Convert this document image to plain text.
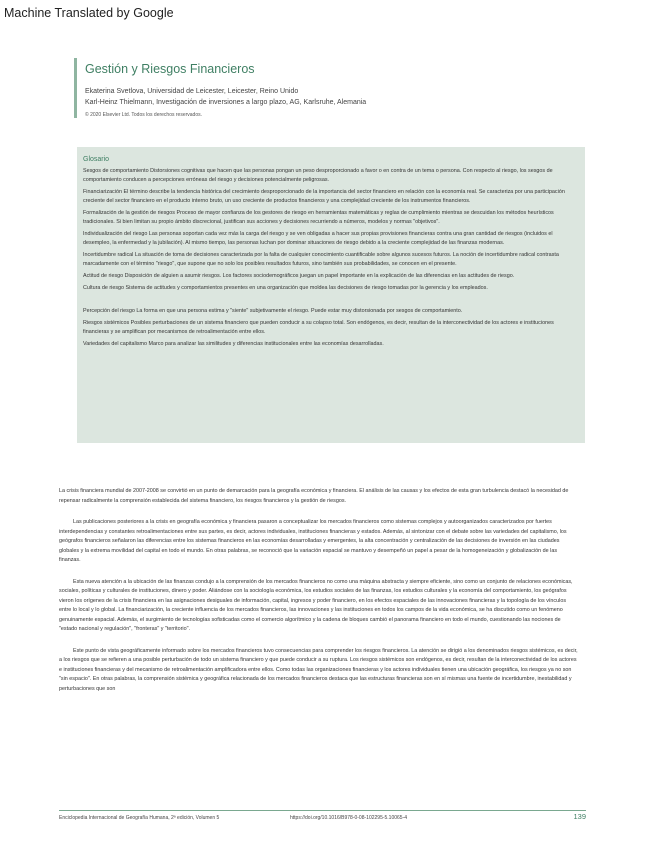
Machine Translated by Google
Gestión y Riesgos Financieros
Ekaterina Svetlova, Universidad de Leicester, Leicester, Reino Unido
Karl-Heinz Thielmann, Investigación de inversiones a largo plazo, AG, Karlsruhe, Alemania
© 2020 Elsevier Ltd. Todos los derechos reservados.
Glosario
Sesgos de comportamiento Distorsiones cognitivas que hacen que las personas pongan un peso desproporcionado a favor o en contra de un tema o persona. Con respecto al riesgo, los sesgos de comportamiento conducen a percepciones erróneas del riesgo y decisiones potencialmente peligrosas.
Financiarización El término describe la tendencia histórica del crecimiento desproporcionado de la importancia del sector financiero en relación con la economía real. Se caracteriza por una participación creciente del sector financiero en el producto interno bruto, un uso creciente de productos financieros y una complejidad creciente de los instrumentos financieros.
Formalización de la gestión de riesgos Proceso de mayor confianza de los gestores de riesgo en herramientas matemáticas y reglas de cumplimiento mientras se descuidan los métodos heurísticos tradicionales. Si bien limitan su propio ámbito discrecional, justifican sus acciones y decisiones recurriendo a números, modelos y normas "objetivos".
Individualización del riesgo Las personas soportan cada vez más la carga del riesgo y se ven obligadas a hacer sus propias provisiones financieras contra una gran cantidad de riesgos (incluidos el desempleo, la enfermedad y la jubilación). Al mismo tiempo, las personas luchan por dominar situaciones de riesgo debido a la creciente complejidad de las finanzas modernas.
Incertidumbre radical La situación de toma de decisiones caracterizada por la falta de cualquier conocimiento cuantificable sobre algunos sucesos futuros. La noción de incertidumbre radical contrasta marcadamente con el término "riesgo", que supone que no solo los posibles resultados futuros, sino también sus probabilidades, se conocen en el presente.
Actitud de riesgo Disposición de alguien a asumir riesgos. Los factores sociodemográficos juegan un papel importante en la explicación de las diferencias en las actitudes de riesgo.
Cultura de riesgo Sistema de actitudes y comportamientos presentes en una organización que moldea las decisiones de riesgo tomadas por la gerencia y los empleados.
Percepción del riesgo La forma en que una persona estima y "siente" subjetivamente el riesgo. Puede estar muy distorsionada por sesgos de comportamiento.
Riesgos sistémicos Posibles perturbaciones de un sistema financiero que pueden conducir a su colapso total. Son endógenos, es decir, resultan de la interconectividad de los actores e instituciones financieras y se amplifican por mecanismos de retroalimentación entre ellos.
Variedades del capitalismo Marco para analizar las similitudes y diferencias institucionales entre las economías desarrolladas.

La crisis financiera mundial de 2007-2008 se convirtió en un punto de demarcación para la geografía económica y financiera. El análisis de las causas y los efectos de esta gran turbulencia destacó la necesidad de repensar radicalmente la comprensión establecida del sistema financiero, los riesgos financieros y la gestión de riesgos.

Las publicaciones posteriores a la crisis en geografía económica y financiera pasaron a conceptualizar los mercados financieros como sistemas complejos y autoorganizados caracterizados por fuertes interdependencias y constantes retroalimentaciones entre sus partes, es decir, actores individuales, instituciones financieras y estados. Además, al sintonizar con el debate sobre las variedades del capitalismo, los geógrafos financieros señalaron las diferencias entre los sistemas financieros en las economías desarrolladas y emergentes, la alta concentración y centralización de las decisiones de inversión en las ciudades globales y la extrema movilidad del capital en todo el mundo. En otras palabras, se reconoció que la variación espacial se mantuvo y desempeñó un papel a pesar de la homogeneización y globalización de las finanzas.

Esta nueva atención a la ubicación de las finanzas condujo a la comprensión de los mercados financieros no como una máquina abstracta y siempre eficiente, sino como un conjunto de relaciones económicas, sociales, políticas y culturales de instituciones, dinero y poder. Aliándose con la sociología económica, los estudios sociales de las finanzas, los estudios culturales y la economía del comportamiento, los geógrafos vieron los orígenes de la crisis financiera en las asignaciones desiguales de información, capital, ingresos y poder financiero, en los efectos espaciales de las innovaciones financieras y la topología de los vínculos entre lo local y lo global. La financiarización, la creciente influencia de los mercados financieros, las innovaciones y las instituciones en todos los campos de la vida económica, se ha discutido como un fenómeno genuinamente espacial. Además, el surgimiento de tecnologías sofisticadas como el comercio algorítmico y la cadena de bloques cambió el panorama financiero en todo el mundo, cuestionando las nociones de "estado nacional y regulación", "fronteras" y "territorio".

Este punto de vista geográficamente informado sobre los mercados financieros tuvo consecuencias para comprender los riesgos financieros. La atención se dirigió a los denominados riesgos sistémicos, es decir, a los riesgos que se refieren a una posible perturbación de todo un sistema financiero y que puede conducir a su ruptura. Los riesgos sistémicos son endógenos, es decir, resultan de la interconectividad de los actores e instituciones financieras y del mecanismo de retroalimentación amplificadora entre ellos. Como todas las organizaciones financieras y los actores individuales tienen una ubicación geográfica, los riesgos ya no son "sin espacio". En otras palabras, la comprensión sistémica y geográfica relacionada de los mercados financieros destaca que las estructuras financieras son en sí mismas una fuente de incertidumbre, inestabilidad y perturbaciones que son

Enciclopedia Internacional de Geografía Humana, 2ª edición, Volumen 5	https://doi.org/10.1016/B978-0-08-102295-5.10065-4	139
